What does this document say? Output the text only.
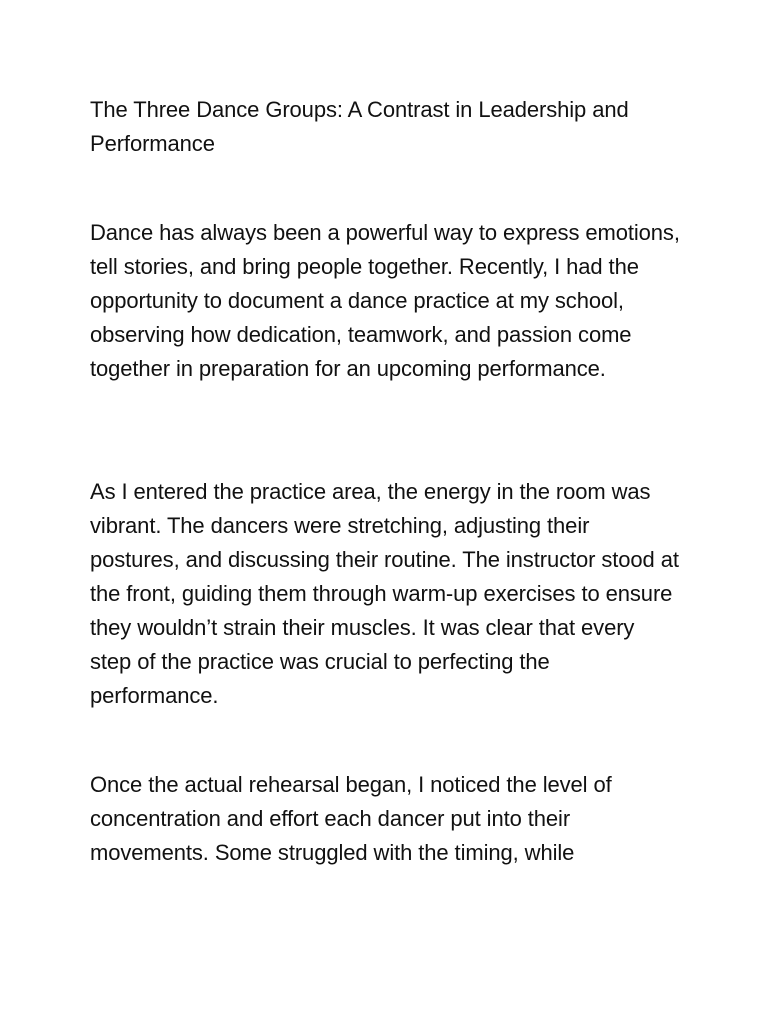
The Three Dance Groups: A Contrast in Leadership and Performance

Dance has always been a powerful way to express emotions, tell stories, and bring people together. Recently, I had the opportunity to document a dance practice at my school, observing how dedication, teamwork, and passion come together in preparation for an upcoming performance.

As I entered the practice area, the energy in the room was vibrant. The dancers were stretching, adjusting their postures, and discussing their routine. The instructor stood at the front, guiding them through warm-up exercises to ensure they wouldn’t strain their muscles. It was clear that every step of the practice was crucial to perfecting the performance.

Once the actual rehearsal began, I noticed the level of concentration and effort each dancer put into their movements. Some struggled with the timing, while
